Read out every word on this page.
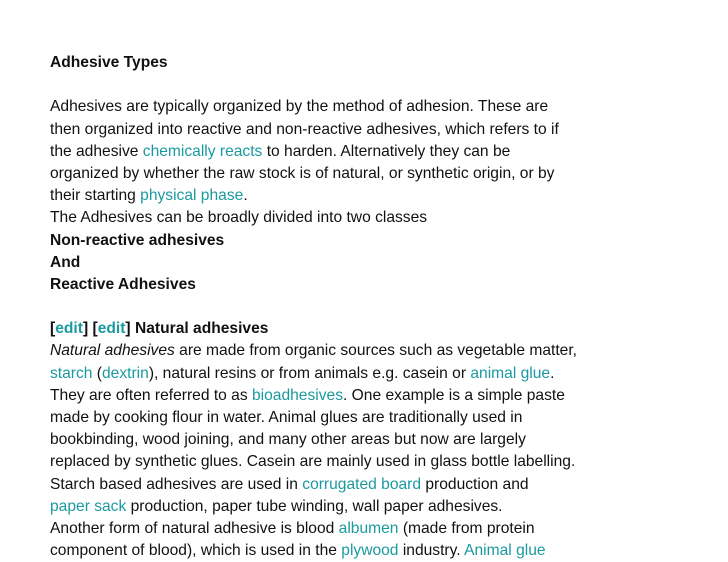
Adhesive Types
Adhesives are typically organized by the method of adhesion. These are
then organized into reactive and non-reactive adhesives, which refers to if
the adhesive chemically reacts to harden. Alternatively they can be
organized by whether the raw stock is of natural, or synthetic origin, or by
their starting physical phase.
The Adhesives can be broadly divided into two classes
Non-reactive adhesives
And
Reactive Adhesives
[edit] [edit] Natural adhesives
Natural adhesives are made from organic sources such as vegetable matter,
starch (dextrin), natural resins or from animals e.g. casein or animal glue.
They are often referred to as bioadhesives. One example is a simple paste
made by cooking flour in water. Animal glues are traditionally used in
bookbinding, wood joining, and many other areas but now are largely
replaced by synthetic glues. Casein are mainly used in glass bottle labelling.
Starch based adhesives are used in corrugated board production and
paper sack production, paper tube winding, wall paper adhesives.
Another form of natural adhesive is blood albumen (made from protein
component of blood), which is used in the plywood industry. Animal glue
